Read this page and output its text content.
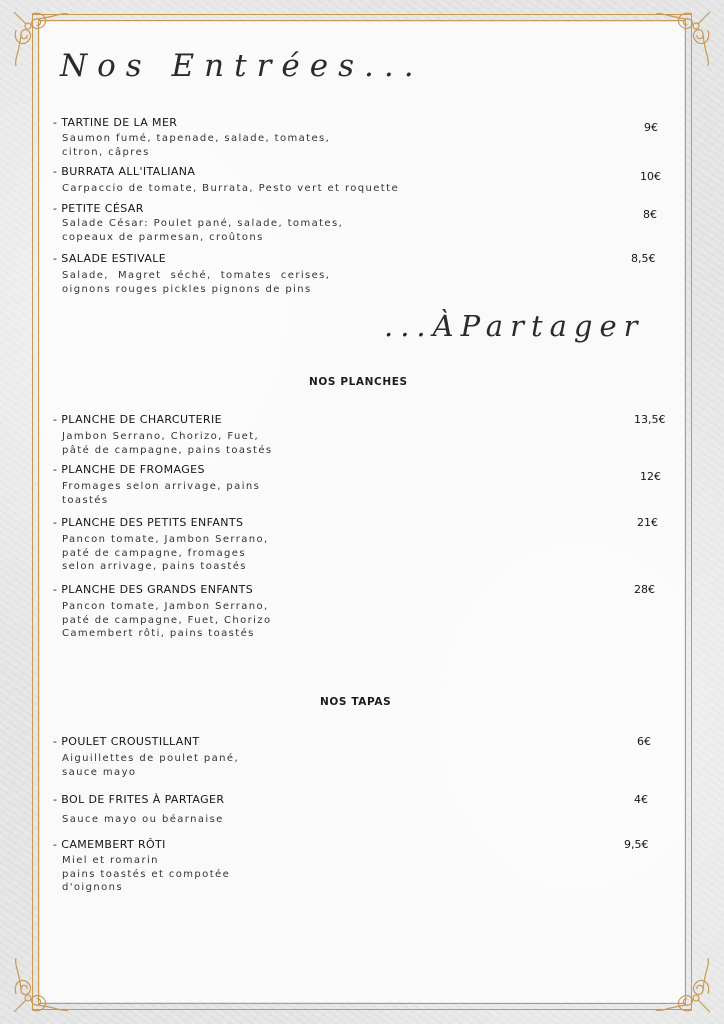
Nos Entrées...
...ÀPartager
- TARTINE DE LA MER
Saumon fumé, tapenade, salade, tomates,
citron, câpres
9€
- BURRATA ALL'ITALIANA
Carpaccio de tomate, Burrata, Pesto vert et roquette
10€
- PETITE CÉSAR
Salade César: Poulet pané, salade, tomates,
copeaux de parmesan, croûtons
8€
- SALADE ESTIVALE
Salade,  Magret  séché,  tomates  cerises,
oignons rouges pickles pignons de pins
8,5€
NOS PLANCHES
- PLANCHE DE CHARCUTERIE
Jambon Serrano, Chorizo, Fuet,
pâté de campagne, pains toastés
13,5€
- PLANCHE DE FROMAGES
Fromages selon arrivage, pains
toastés
12€
- PLANCHE DES PETITS ENFANTS
Pancon tomate, Jambon Serrano,
paté de campagne, fromages
selon arrivage, pains toastés
21€
- PLANCHE DES GRANDS ENFANTS
Pancon tomate, Jambon Serrano,
paté de campagne, Fuet, Chorizo
Camembert rôti, pains toastés
28€
NOS TAPAS
- POULET CROUSTILLANT
Aiguillettes de poulet pané,
sauce mayo
6€
- BOL DE FRITES À PARTAGER
Sauce mayo ou béarnaise
4€
- CAMEMBERT RÔTI
Miel et romarin
pains toastés et compotée
d'oignons
9,5€
